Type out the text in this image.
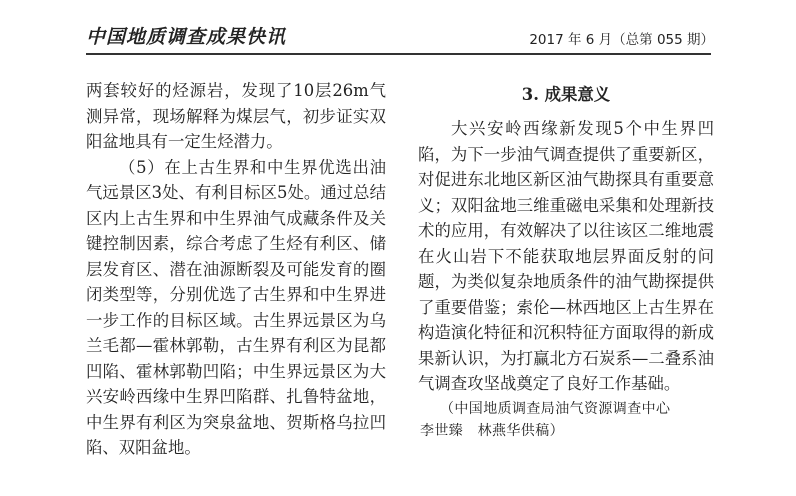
中国地质调查成果快讯	2017 年 6 月（总第 055 期）

两套较好的烃源岩，发现了10层26m气测异常，现场解释为煤层气，初步证实双阳盆地具有一定生烃潜力。

（5）在上古生界和中生界优选出油气远景区3处、有利目标区5处。通过总结区内上古生界和中生界油气成藏条件及关键控制因素，综合考虑了生烃有利区、储层发育区、潜在油源断裂及可能发育的圈闭类型等，分别优选了古生界和中生界进一步工作的目标区域。古生界远景区为乌兰毛都—霍林郭勒，古生界有利区为昆都凹陷、霍林郭勒凹陷；中生界远景区为大兴安岭西缘中生界凹陷群、扎鲁特盆地，中生界有利区为突泉盆地、贺斯格乌拉凹陷、双阳盆地。

3. 成果意义

大兴安岭西缘新发现5个中生界凹陷，为下一步油气调查提供了重要新区，对促进东北地区新区油气勘探具有重要意义；双阳盆地三维重磁电采集和处理新技术的应用，有效解决了以往该区二维地震在火山岩下不能获取地层界面反射的问题，为类似复杂地质条件的油气勘探提供了重要借鉴；索伦—林西地区上古生界在构造演化特征和沉积特征方面取得的新成果新认识，为打赢北方石炭系—二叠系油气调查攻坚战奠定了良好工作基础。

（中国地质调查局油气资源调查中心
李世臻　林燕华供稿）
